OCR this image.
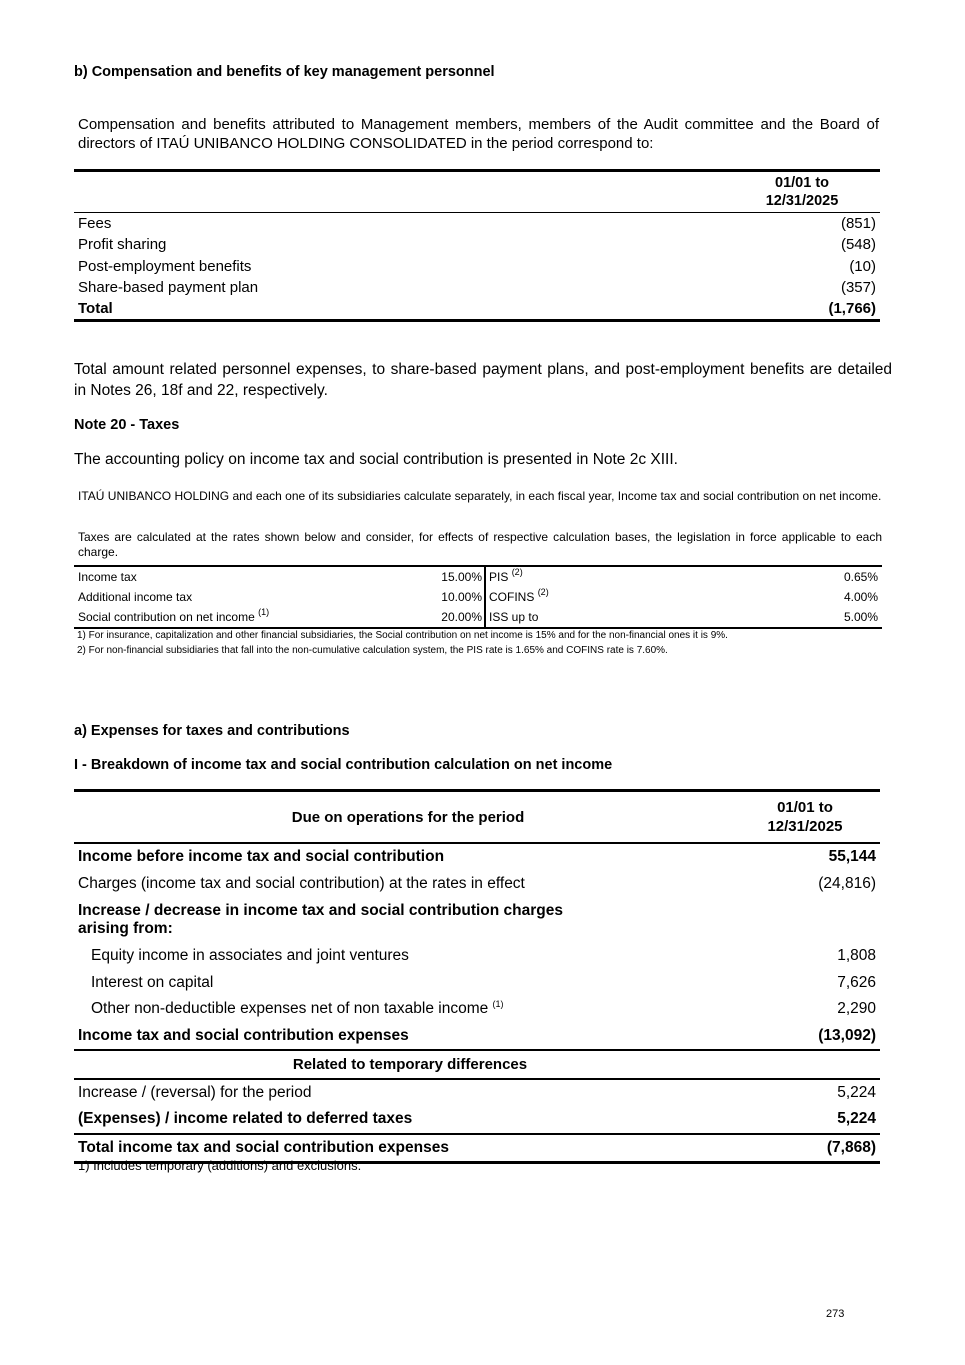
b) Compensation and benefits of key management personnel
Compensation and benefits attributed to Management members, members of the Audit committee and the Board of directors of ITAÚ UNIBANCO HOLDING CONSOLIDATED in the period correspond to:
	01/01 to
12/31/2025
Fees	(851)
Profit sharing	(548)
Post-employment benefits	(10)
Share-based payment plan	(357)
Total	(1,766)
Total amount related personnel expenses, to share-based payment plans, and post-employment benefits are detailed in Notes 26, 18f and 22, respectively.
Note 20 - Taxes
The accounting policy on income tax and social contribution is presented in Note 2c XIII.
ITAÚ UNIBANCO HOLDING and each one of its subsidiaries calculate separately, in each fiscal year, Income tax and social contribution on net income.
Taxes are calculated at the rates shown below and consider, for effects of respective calculation bases, the legislation in force applicable to each charge.
Income tax	15.00%	PIS $^{(2)}$	0.65%
Additional income tax	10.00%	COFINS $^{(2)}$	4.00%
Social contribution on net income $^{(1)}$	20.00%	ISS up to	5.00%
1) For insurance, capitalization and other financial subsidiaries, the Social contribution on net income is 15% and for the non-financial ones it is 9%.
2) For non-financial subsidiaries that fall into the non-cumulative calculation system, the PIS rate is 1.65% and COFINS rate is 7.60%.
a) Expenses for taxes and contributions
I - Breakdown of income tax and social contribution calculation on net income
Due on operations for the period	01/01 to
12/31/2025
Income before income tax and social contribution	55,144
Charges (income tax and social contribution) at the rates in effect	(24,816)
Increase / decrease in income tax and social contribution charges arising from:	
Equity income in associates and joint ventures	1,808
Interest on capital	7,626
Other non-deductible expenses net of non taxable income $^{(1)}$	2,290
Income tax and social contribution expenses	(13,092)
Related to temporary differences	
Increase / (reversal) for the period	5,224
(Expenses) / income related to deferred taxes	5,224
Total income tax and social contribution expenses	(7,868)
1) Includes temporary (additions) and exclusions.
273
